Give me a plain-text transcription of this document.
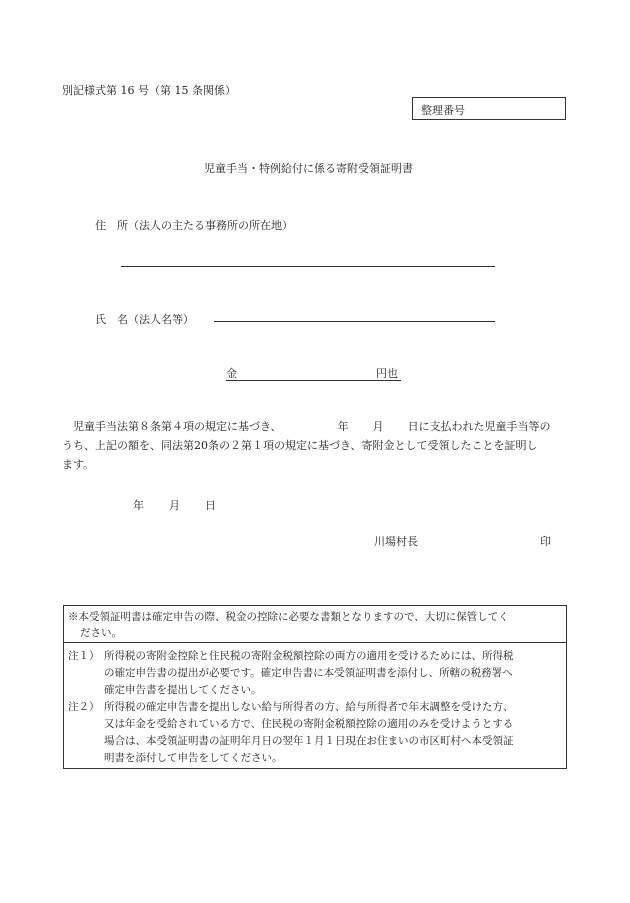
別記様式第 16 号（第 15 条関係）
整理番号
児童手当・特例給付に係る寄附受領証明書
住　所（法人の主たる事務所の所在地）
氏　名（法人名等）
金	円也
児童手当法第８条第４項の規定に基づき、	年 月 日に支払われた児童手当等の
うち、上記の額を、同法第20条の２第１項の規定に基づき、寄附金として受領したことを証明し
ます。
年 月 日
川場村長	印
※本受領証明書は確定申告の際、税金の控除に必要な書類となりますので、大切に保管してく
ださい。
注１） 所得税の寄附金控除と住民税の寄附金税額控除の両方の適用を受けるためには、所得税
の確定申告書の提出が必要です。確定申告書に本受領証明書を添付し、所轄の税務署へ
確定申告書を提出してください。
注２） 所得税の確定申告書を提出しない給与所得者の方、給与所得者で年末調整を受けた方、
又は年金を受給されている方で、住民税の寄附金税額控除の適用のみを受けようとする
場合は、本受領証明書の証明年月日の翌年１月１日現在お住まいの市区町村へ本受領証
明書を添付して申告をしてください。
